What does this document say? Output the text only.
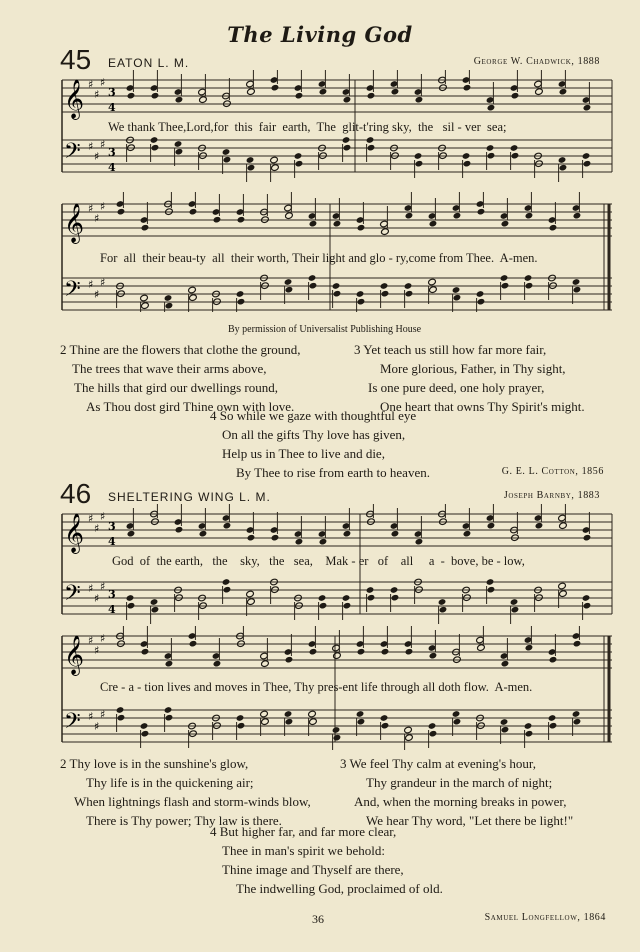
The Living God
45 EATON L. M.	George W. Chadwick, 1888
𝄞
𝄢
♯
♯
♯
3
4
♯
♯
♯
3
4
We thank Thee,Lord,for  this  fair  earth,  The  glit-t'ring sky,  the   sil - ver  sea;
𝄞
𝄢
♯
♯
♯
♯
♯
♯
For  all  their beau-ty  all  their worth, Their light and glo - ry,come from Thee.  A-men.
By permission of Universalist Publishing House
2 Thine are the flowers that clothe the ground,
The trees that wave their arms above,
The hills that gird our dwellings round,
As Thou dost gird Thine own with love.
3 Yet teach us still how far more fair,
More glorious, Father, in Thy sight,
Is one pure deed, one holy prayer,
One heart that owns Thy Spirit's might.
4 So while we gaze with thoughtful eye
On all the gifts Thy love has given,
Help us in Thee to live and die,
By Thee to rise from earth to heaven.	G. E. L. Cotton, 1856
46 SHELTERING WING L. M.	Joseph Barnby, 1883
𝄞
𝄢
♯
♯
♯
3
4
♯
♯
♯
3
4
God  of  the earth,   the    sky,   the   sea,    Mak - er   of    all     a  -  bove, be - low,
𝄞
𝄢
♯
♯
♯
♯
♯
♯
Cre - a - tion lives and moves in Thee, Thy pres-ent life through all doth flow.  A-men.
2 Thy love is in the sunshine's glow,
Thy life is in the quickening air;
When lightnings flash and storm-winds blow,
There is Thy power; Thy law is there.
3 We feel Thy calm at evening's hour,
Thy grandeur in the march of night;
And, when the morning breaks in power,
We hear Thy word, "Let there be light!"
4 But higher far, and far more clear,
Thee in man's spirit we behold:
Thine image and Thyself are there,
The indwelling God, proclaimed of old.
36	Samuel Longfellow, 1864
